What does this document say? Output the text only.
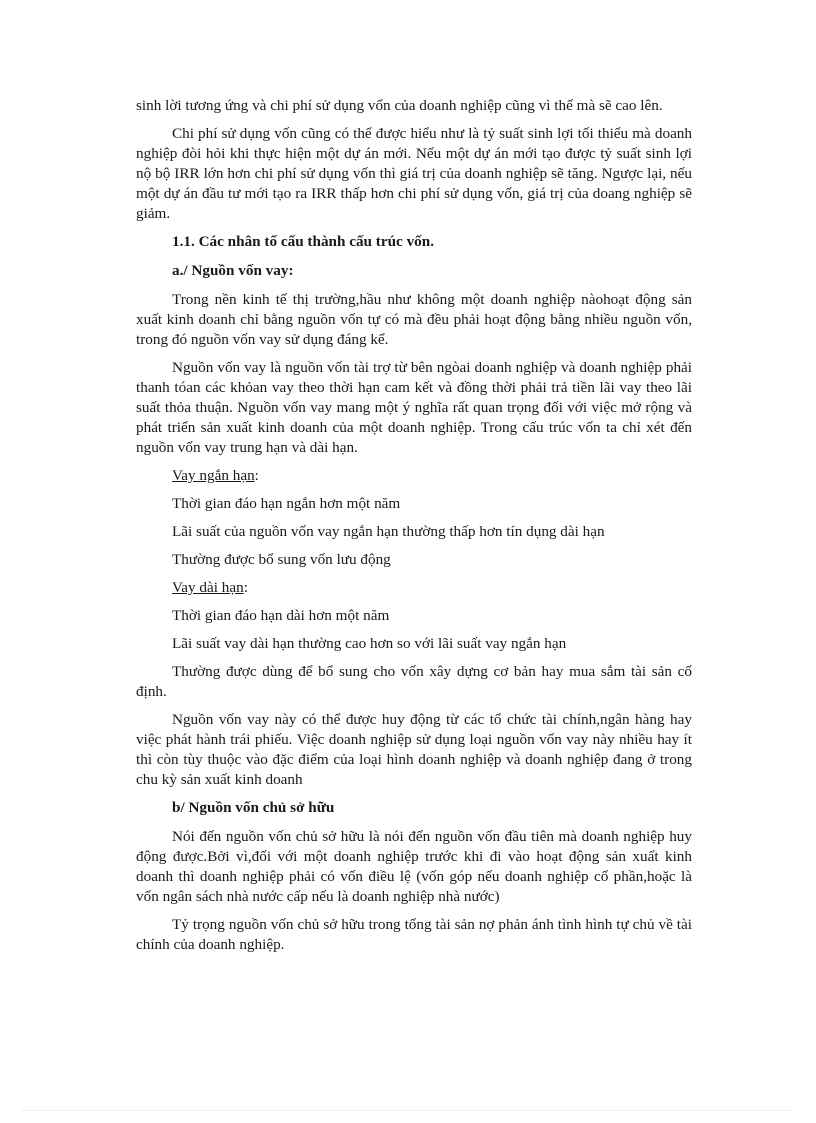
sinh lời tương ứng và chi phí sử dụng vốn của doanh nghiệp cũng vì thế mà sẽ cao lên.

Chi phí sử dụng vốn cũng có thể được hiểu như là tỷ suất sinh lợi tối thiểu mà doanh nghiệp đòi hỏi khi thực hiện một dự án mới. Nếu một dự án mới tạo được tỷ suất sinh lợi nộ bộ IRR lớn hơn chi phí sử dụng vốn thì giá trị của doanh nghiệp sẽ tăng. Ngược lại, nếu một dự án đầu tư mới tạo ra IRR thấp hơn chi phí sử dụng vốn, giá trị của doang nghiệp sẽ giảm.

1.1. Các nhân tố cấu thành cấu trúc vốn.

a./ Nguồn vốn vay:

Trong nền kinh tế thị trường,hầu như không một doanh nghiệp nàohoạt động sản xuất kinh doanh chỉ bằng nguồn vốn tự có mà đều phải hoạt động bằng nhiều nguồn vốn, trong đó nguồn vốn vay sử dụng đáng kể.

Nguồn vốn vay là nguồn vốn tài trợ từ bên ngòai doanh nghiệp và doanh nghiệp phải thanh tóan các khỏan vay theo thời hạn cam kết và đồng thời phải trả tiền lãi vay theo lãi suất thỏa thuận. Nguồn vốn vay mang một ý nghĩa rất quan trọng đối với việc mở rộng và phát triển sản xuất kinh doanh của một doanh nghiệp. Trong cấu trúc vốn ta chỉ xét đến nguồn vốn vay trung hạn và dài hạn.

Vay ngắn hạn:

Thời gian đáo hạn ngắn hơn một năm

Lãi suất của nguồn vốn vay ngắn hạn thường thấp hơn tín dụng dài hạn

Thường được bổ sung vốn lưu động

Vay dài hạn:

Thời gian đáo hạn dài hơn một năm

Lãi suất vay dài hạn thường cao hơn so với lãi suất vay ngắn hạn

Thường được dùng để bổ sung cho vốn xây dựng cơ bản hay mua sắm tài sản cố định.

Nguồn vốn vay này có thể được huy động từ các tổ chức tài chính,ngân hàng hay việc phát hành trái phiếu. Việc doanh nghiệp sử dụng loại nguồn vốn vay này nhiều hay ít thì còn tùy thuộc vào đặc điểm của loại hình doanh nghiệp và doanh nghiệp đang ở trong chu kỳ sản xuất kinh doanh

b/ Nguồn vốn chủ sở hữu

Nói đến nguồn vốn chủ sở hữu là nói đến nguồn vốn đầu tiên mà doanh nghiệp huy động được.Bởi vì,đối với một doanh nghiệp trước khi đi vào hoạt động sản xuất kinh doanh thì doanh nghiệp phải có vốn điều lệ (vốn góp nếu doanh nghiệp cổ phần,hoặc là vốn ngân sách nhà nước cấp nếu là doanh nghiệp nhà nước)

Tỷ trọng nguồn vốn chủ sở hữu trong tổng tài sản nợ phản ánh tình hình tự chủ về tài chính của doanh nghiệp.
